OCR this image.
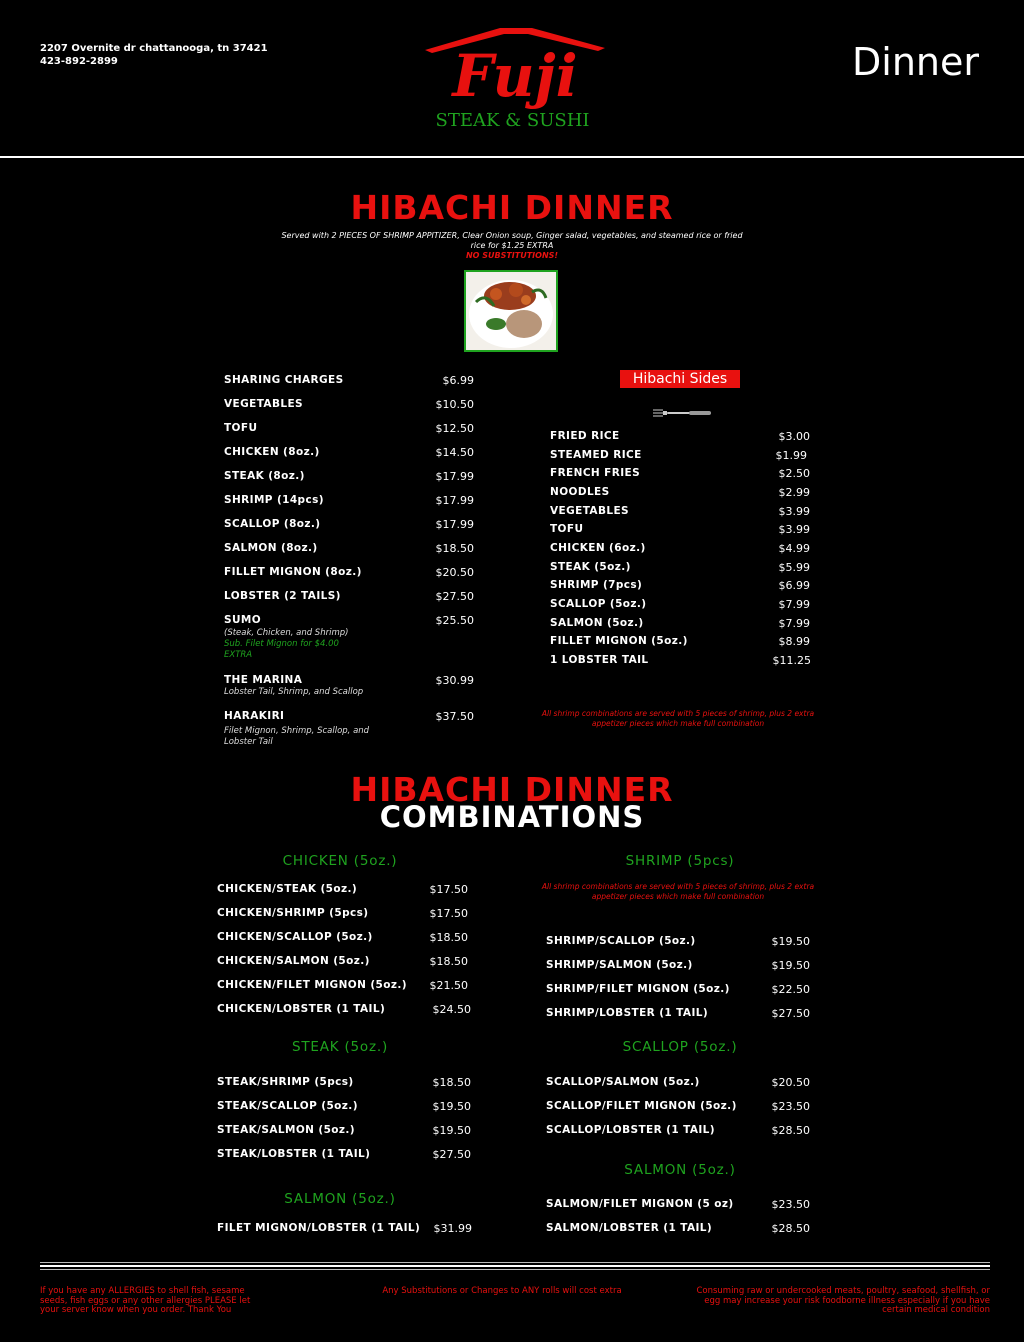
2207 Overnite dr chattanooga, tn 37421
423-892-2899	Fuji
STEAK & SUSHI
Dinner
HIBACHI DINNER
Served with 2 PIECES OF SHRIMP APPITIZER, Clear Onion soup, Ginger salad, vegetables, and steamed rice or fried rice for $1.25 EXTRA
NO SUBSTITUTIONS!
SHARING CHARGES	$6.99
VEGETABLES	$10.50
TOFU	$12.50
CHICKEN (8oz.)	$14.50
STEAK (8oz.)	$17.99
SHRIMP (14pcs)	$17.99
SCALLOP (8oz.)	$17.99
SALMON (8oz.)	$18.50
FILLET MIGNON (8oz.)	$20.50
LOBSTER (2 TAILS)	$27.50
SUMO	$25.50
(Steak, Chicken, and Shrimp)
Sub. Filet Mignon for $4.00 EXTRA
THE MARINA	$30.99
Lobster Tail, Shrimp, and Scallop
HARAKIRI	$37.50
Filet Mignon, Shrimp, Scallop, and Lobster Tail
Hibachi Sides
FRIED RICE	$3.00
STEAMED RICE	$1.99
FRENCH FRIES	$2.50
NOODLES	$2.99
VEGETABLES	$3.99
TOFU	$3.99
CHICKEN (6oz.)	$4.99
STEAK (5oz.)	$5.99
SHRIMP (7pcs)	$6.99
SCALLOP (5oz.)	$7.99
SALMON (5oz.)	$7.99
FILLET MIGNON (5oz.)	$8.99
1 LOBSTER TAIL	$11.25
All shrimp combinations are served with 5 pieces of shrimp, plus 2 extra appetizer pieces which make full combination
HIBACHI DINNER
COMBINATIONS
CHICKEN (5oz.)
CHICKEN/STEAK (5oz.)	$17.50
CHICKEN/SHRIMP (5pcs)	$17.50
CHICKEN/SCALLOP (5oz.)	$18.50
CHICKEN/SALMON (5oz.)	$18.50
CHICKEN/FILET MIGNON (5oz.)	$21.50
CHICKEN/LOBSTER (1 TAIL)	$24.50
SHRIMP (5pcs)
All shrimp combinations are served with 5 pieces of shrimp, plus 2 extra appetizer pieces which make full combination
SHRIMP/SCALLOP (5oz.)	$19.50
SHRIMP/SALMON (5oz.)	$19.50
SHRIMP/FILET MIGNON (5oz.)	$22.50
SHRIMP/LOBSTER (1 TAIL)	$27.50
STEAK (5oz.)
STEAK/SHRIMP (5pcs)	$18.50
STEAK/SCALLOP (5oz.)	$19.50
STEAK/SALMON (5oz.)	$19.50
STEAK/LOBSTER (1 TAIL)	$27.50
SCALLOP (5oz.)
SCALLOP/SALMON (5oz.)	$20.50
SCALLOP/FILET MIGNON (5oz.)	$23.50
SCALLOP/LOBSTER (1 TAIL)	$28.50
SALMON (5oz.)
SALMON/FILET MIGNON (5 oz)	$23.50
SALMON/LOBSTER (1 TAIL)	$28.50
SALMON (5oz.)
FILET MIGNON/LOBSTER (1 TAIL)	$31.99
If you have any ALLERGIES to shell fish, sesame seeds, fish eggs or any other allergies PLEASE let your server know when you order. Thank You
Any Substitutions or Changes to ANY rolls will cost extra	Consuming raw or undercooked meats, poultry, seafood, shellfish, or egg may increase your risk foodborne illness especially if you have certain medical condition
